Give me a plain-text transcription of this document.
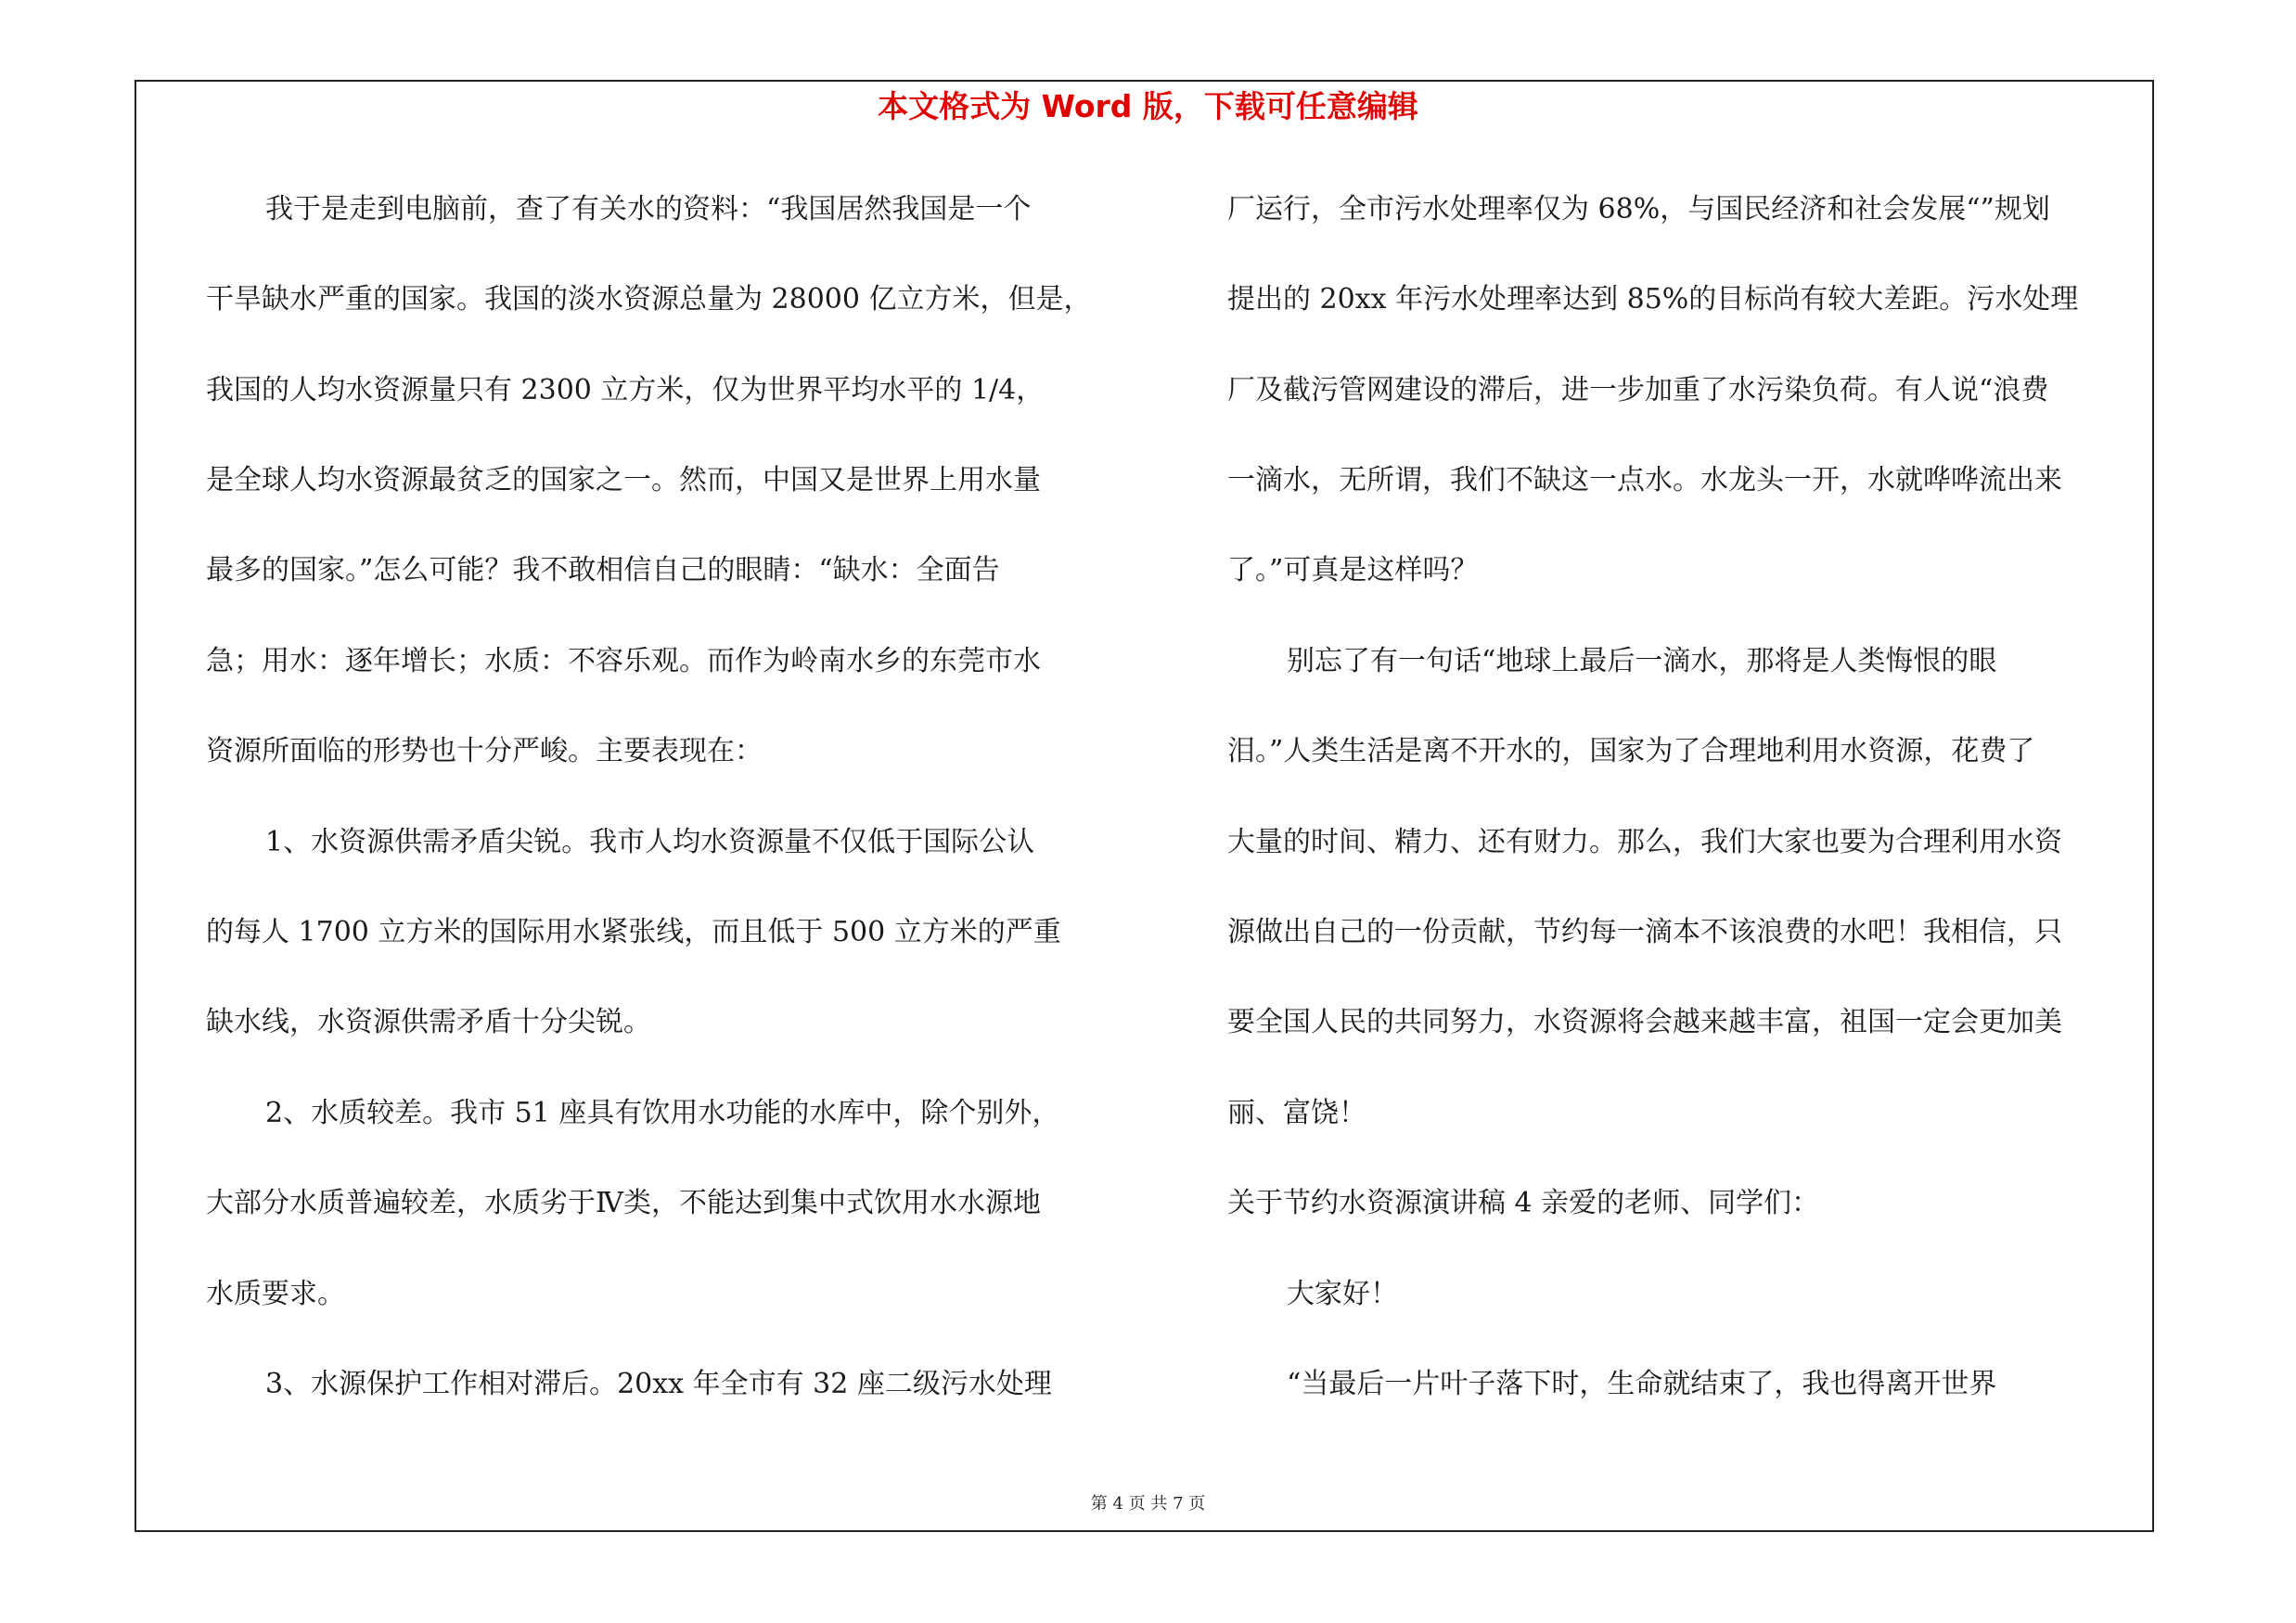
本文格式为 Word 版，下载可任意编辑
我于是走到电脑前，查了有关水的资料：“我国居然我国是一个
干旱缺水严重的国家。我国的淡水资源总量为 28000 亿立方米，但是，
我国的人均水资源量只有 2300 立方米，仅为世界平均水平的 1/4，
是全球人均水资源最贫乏的国家之一。然而，中国又是世界上用水量
最多的国家。”怎么可能？我不敢相信自己的眼睛：“缺水：全面告
急；用水：逐年增长；水质：不容乐观。而作为岭南水乡的东莞市水
资源所面临的形势也十分严峻。主要表现在：
1、水资源供需矛盾尖锐。我市人均水资源量不仅低于国际公认
的每人 1700 立方米的国际用水紧张线，而且低于 500 立方米的严重
缺水线，水资源供需矛盾十分尖锐。
2、水质较差。我市 51 座具有饮用水功能的水库中，除个别外，
大部分水质普遍较差，水质劣于Ⅳ类，不能达到集中式饮用水水源地
水质要求。
3、水源保护工作相对滞后。20xx 年全市有 32 座二级污水处理
厂运行，全市污水处理率仅为 68%，与国民经济和社会发展“”规划
提出的 20xx 年污水处理率达到 85%的目标尚有较大差距。污水处理
厂及截污管网建设的滞后，进一步加重了水污染负荷。有人说“浪费
一滴水，无所谓，我们不缺这一点水。水龙头一开，水就哗哗流出来
了。”可真是这样吗？
别忘了有一句话“地球上最后一滴水，那将是人类悔恨的眼
泪。”人类生活是离不开水的，国家为了合理地利用水资源，花费了
大量的时间、精力、还有财力。那么，我们大家也要为合理利用水资
源做出自己的一份贡献，节约每一滴本不该浪费的水吧！我相信，只
要全国人民的共同努力，水资源将会越来越丰富，祖国一定会更加美
丽、富饶！
关于节约水资源演讲稿 4 亲爱的老师、同学们：
大家好！
“当最后一片叶子落下时，生命就结束了，我也得离开世界
第 4 页 共 7 页
